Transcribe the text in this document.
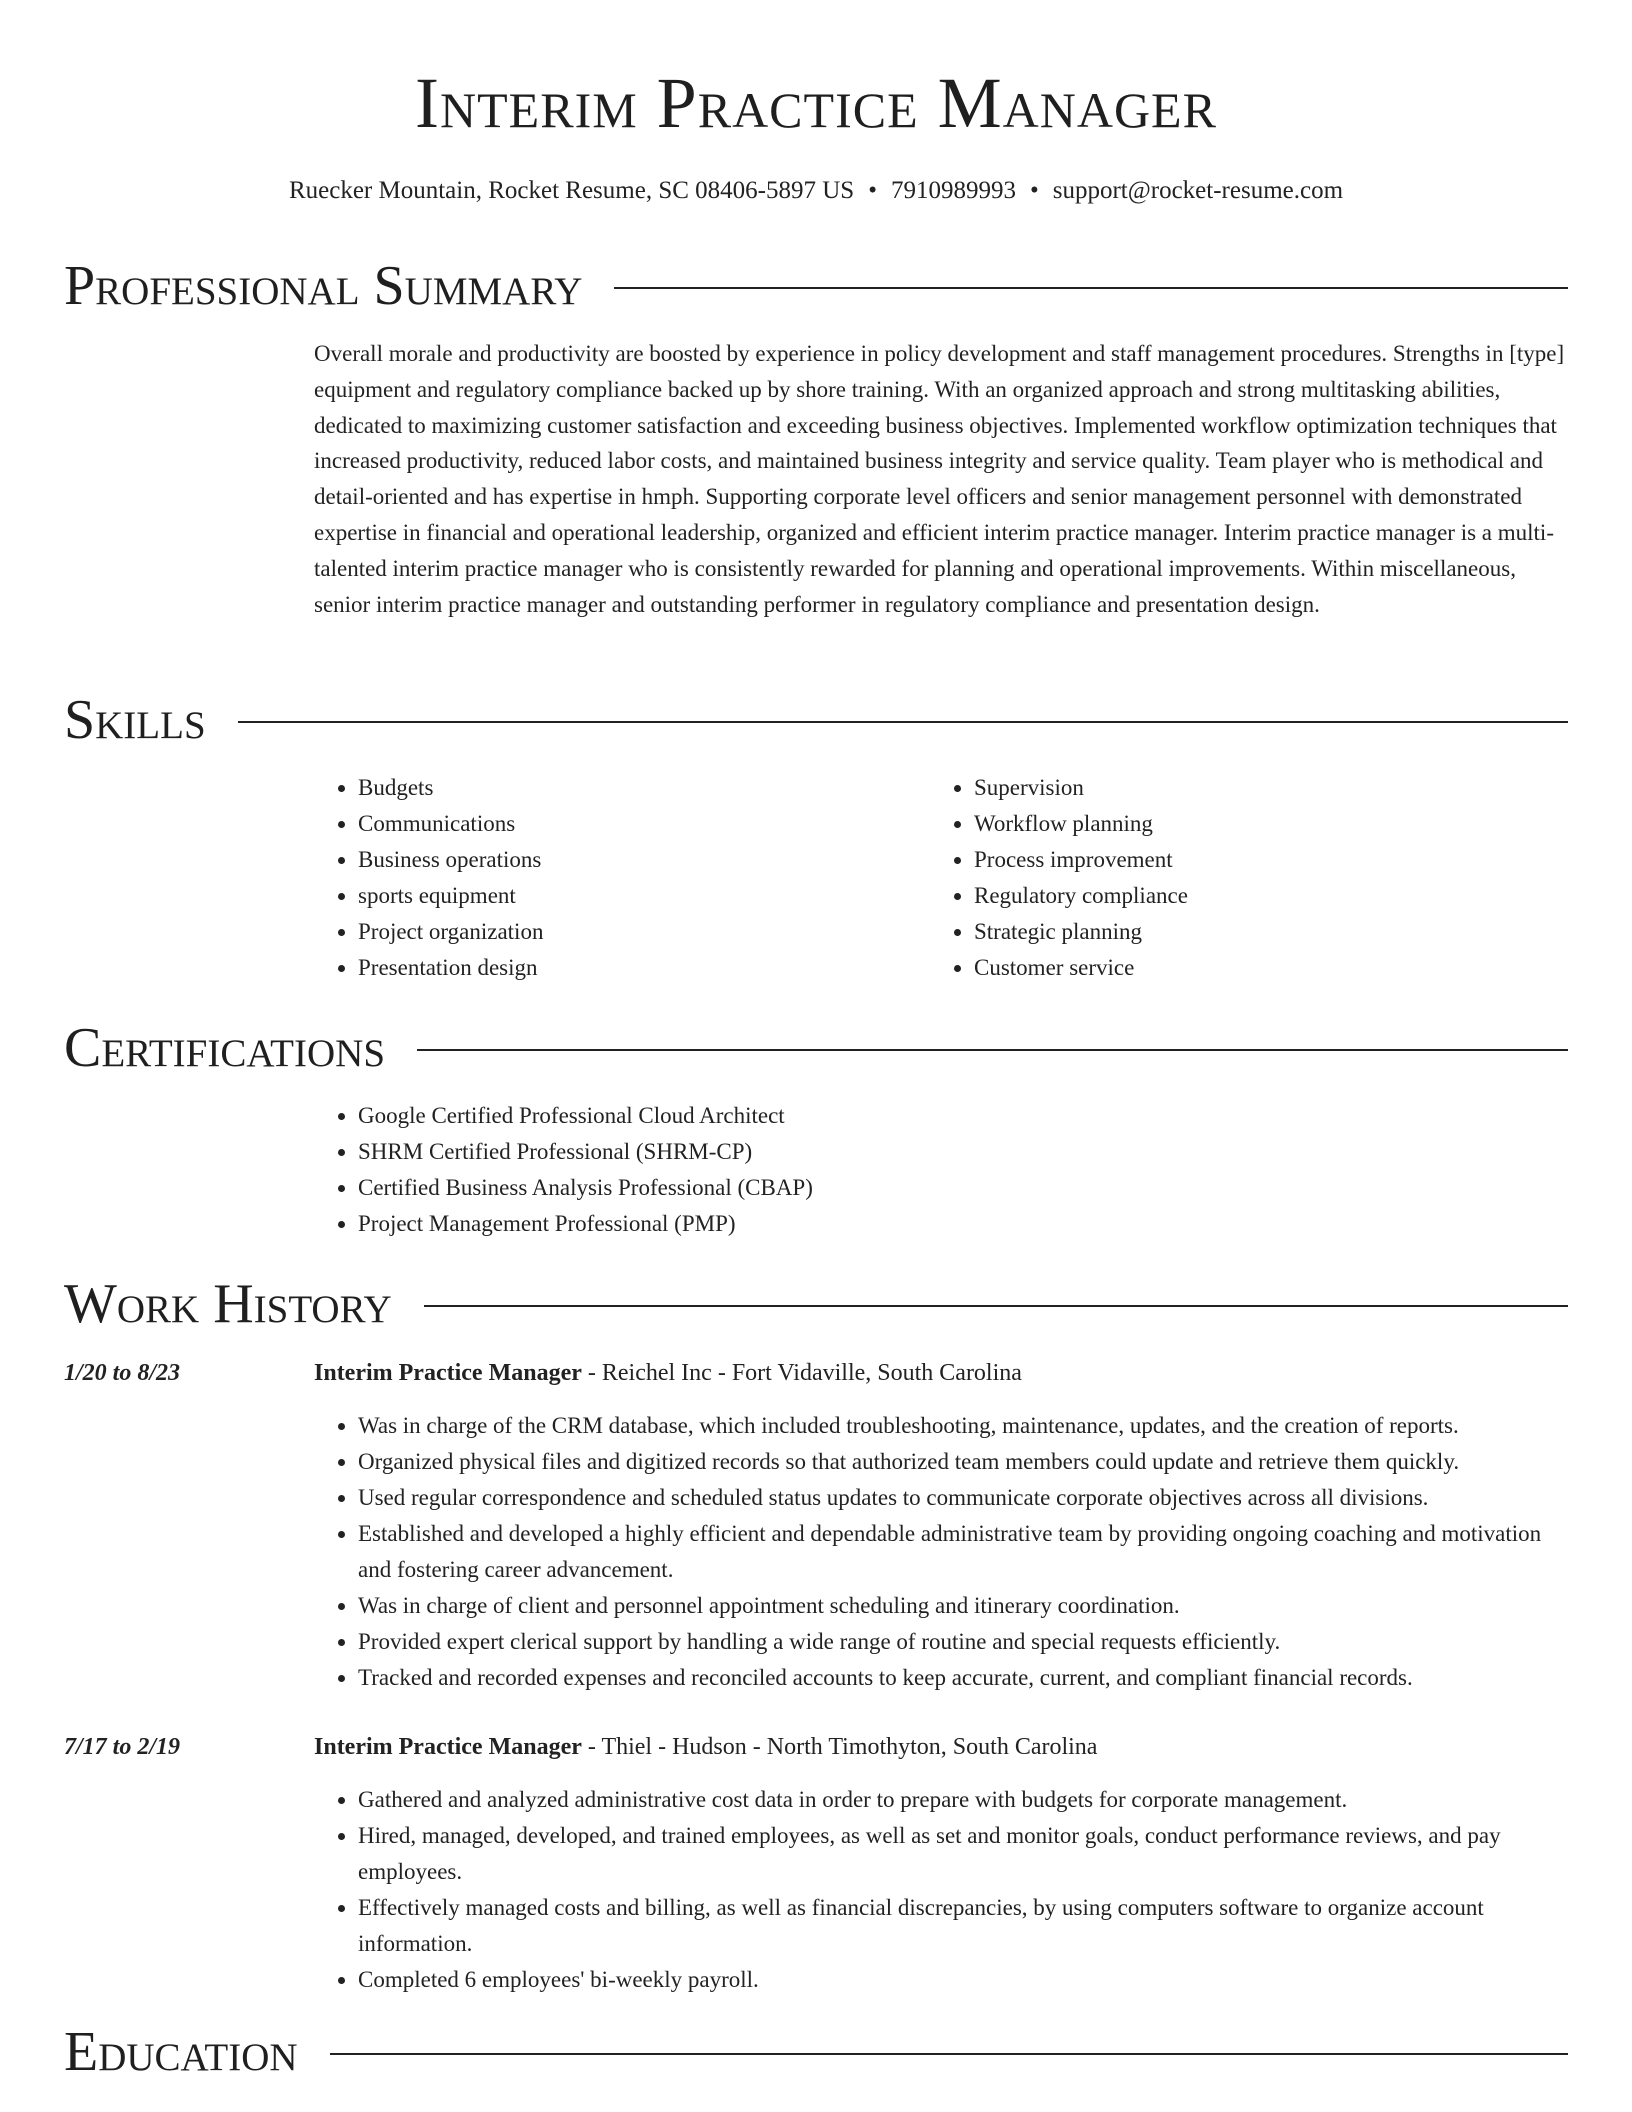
Interim Practice Manager
Ruecker Mountain, Rocket Resume, SC 08406-5897 US • 7910989993 • support@rocket-resume.com
Professional Summary

Overall morale and productivity are boosted by experience in policy development and staff management procedures. Strengths in [type] equipment and regulatory compliance backed up by shore training. With an organized approach and strong multitasking abilities, dedicated to maximizing customer satisfaction and exceeding business objectives. Implemented workflow optimization techniques that increased productivity, reduced labor costs, and maintained business integrity and service quality. Team player who is methodical and detail-oriented and has expertise in hmph. Supporting corporate level officers and senior management personnel with demonstrated expertise in financial and operational leadership, organized and efficient interim practice manager. Interim practice manager is a multi-talented interim practice manager who is consistently rewarded for planning and operational improvements. Within miscellaneous, senior interim practice manager and outstanding performer in regulatory compliance and presentation design.

Skills
• Budgets
• Communications
• Business operations
• sports equipment
• Project organization
• Presentation design
• Supervision
• Workflow planning
• Process improvement
• Regulatory compliance
• Strategic planning
• Customer service
Certifications
• Google Certified Professional Cloud Architect
• SHRM Certified Professional (SHRM-CP)
• Certified Business Analysis Professional (CBAP)
• Project Management Professional (PMP)
Work History
1/20 to 8/23	Interim Practice Manager - Reichel Inc - Fort Vidaville, South Carolina
• Was in charge of the CRM database, which included troubleshooting, maintenance, updates, and the creation of reports.
• Organized physical files and digitized records so that authorized team members could update and retrieve them quickly.
• Used regular correspondence and scheduled status updates to communicate corporate objectives across all divisions.
• Established and developed a highly efficient and dependable administrative team by providing ongoing coaching and motivation and fostering career advancement.
• Was in charge of client and personnel appointment scheduling and itinerary coordination.
• Provided expert clerical support by handling a wide range of routine and special requests efficiently.
• Tracked and recorded expenses and reconciled accounts to keep accurate, current, and compliant financial records.
7/17 to 2/19	Interim Practice Manager - Thiel - Hudson - North Timothyton, South Carolina
• Gathered and analyzed administrative cost data in order to prepare with budgets for corporate management.
• Hired, managed, developed, and trained employees, as well as set and monitor goals, conduct performance reviews, and pay employees.
• Effectively managed costs and billing, as well as financial discrepancies, by using computers software to organize account information.
• Completed 6 employees' bi-weekly payroll.
Education
